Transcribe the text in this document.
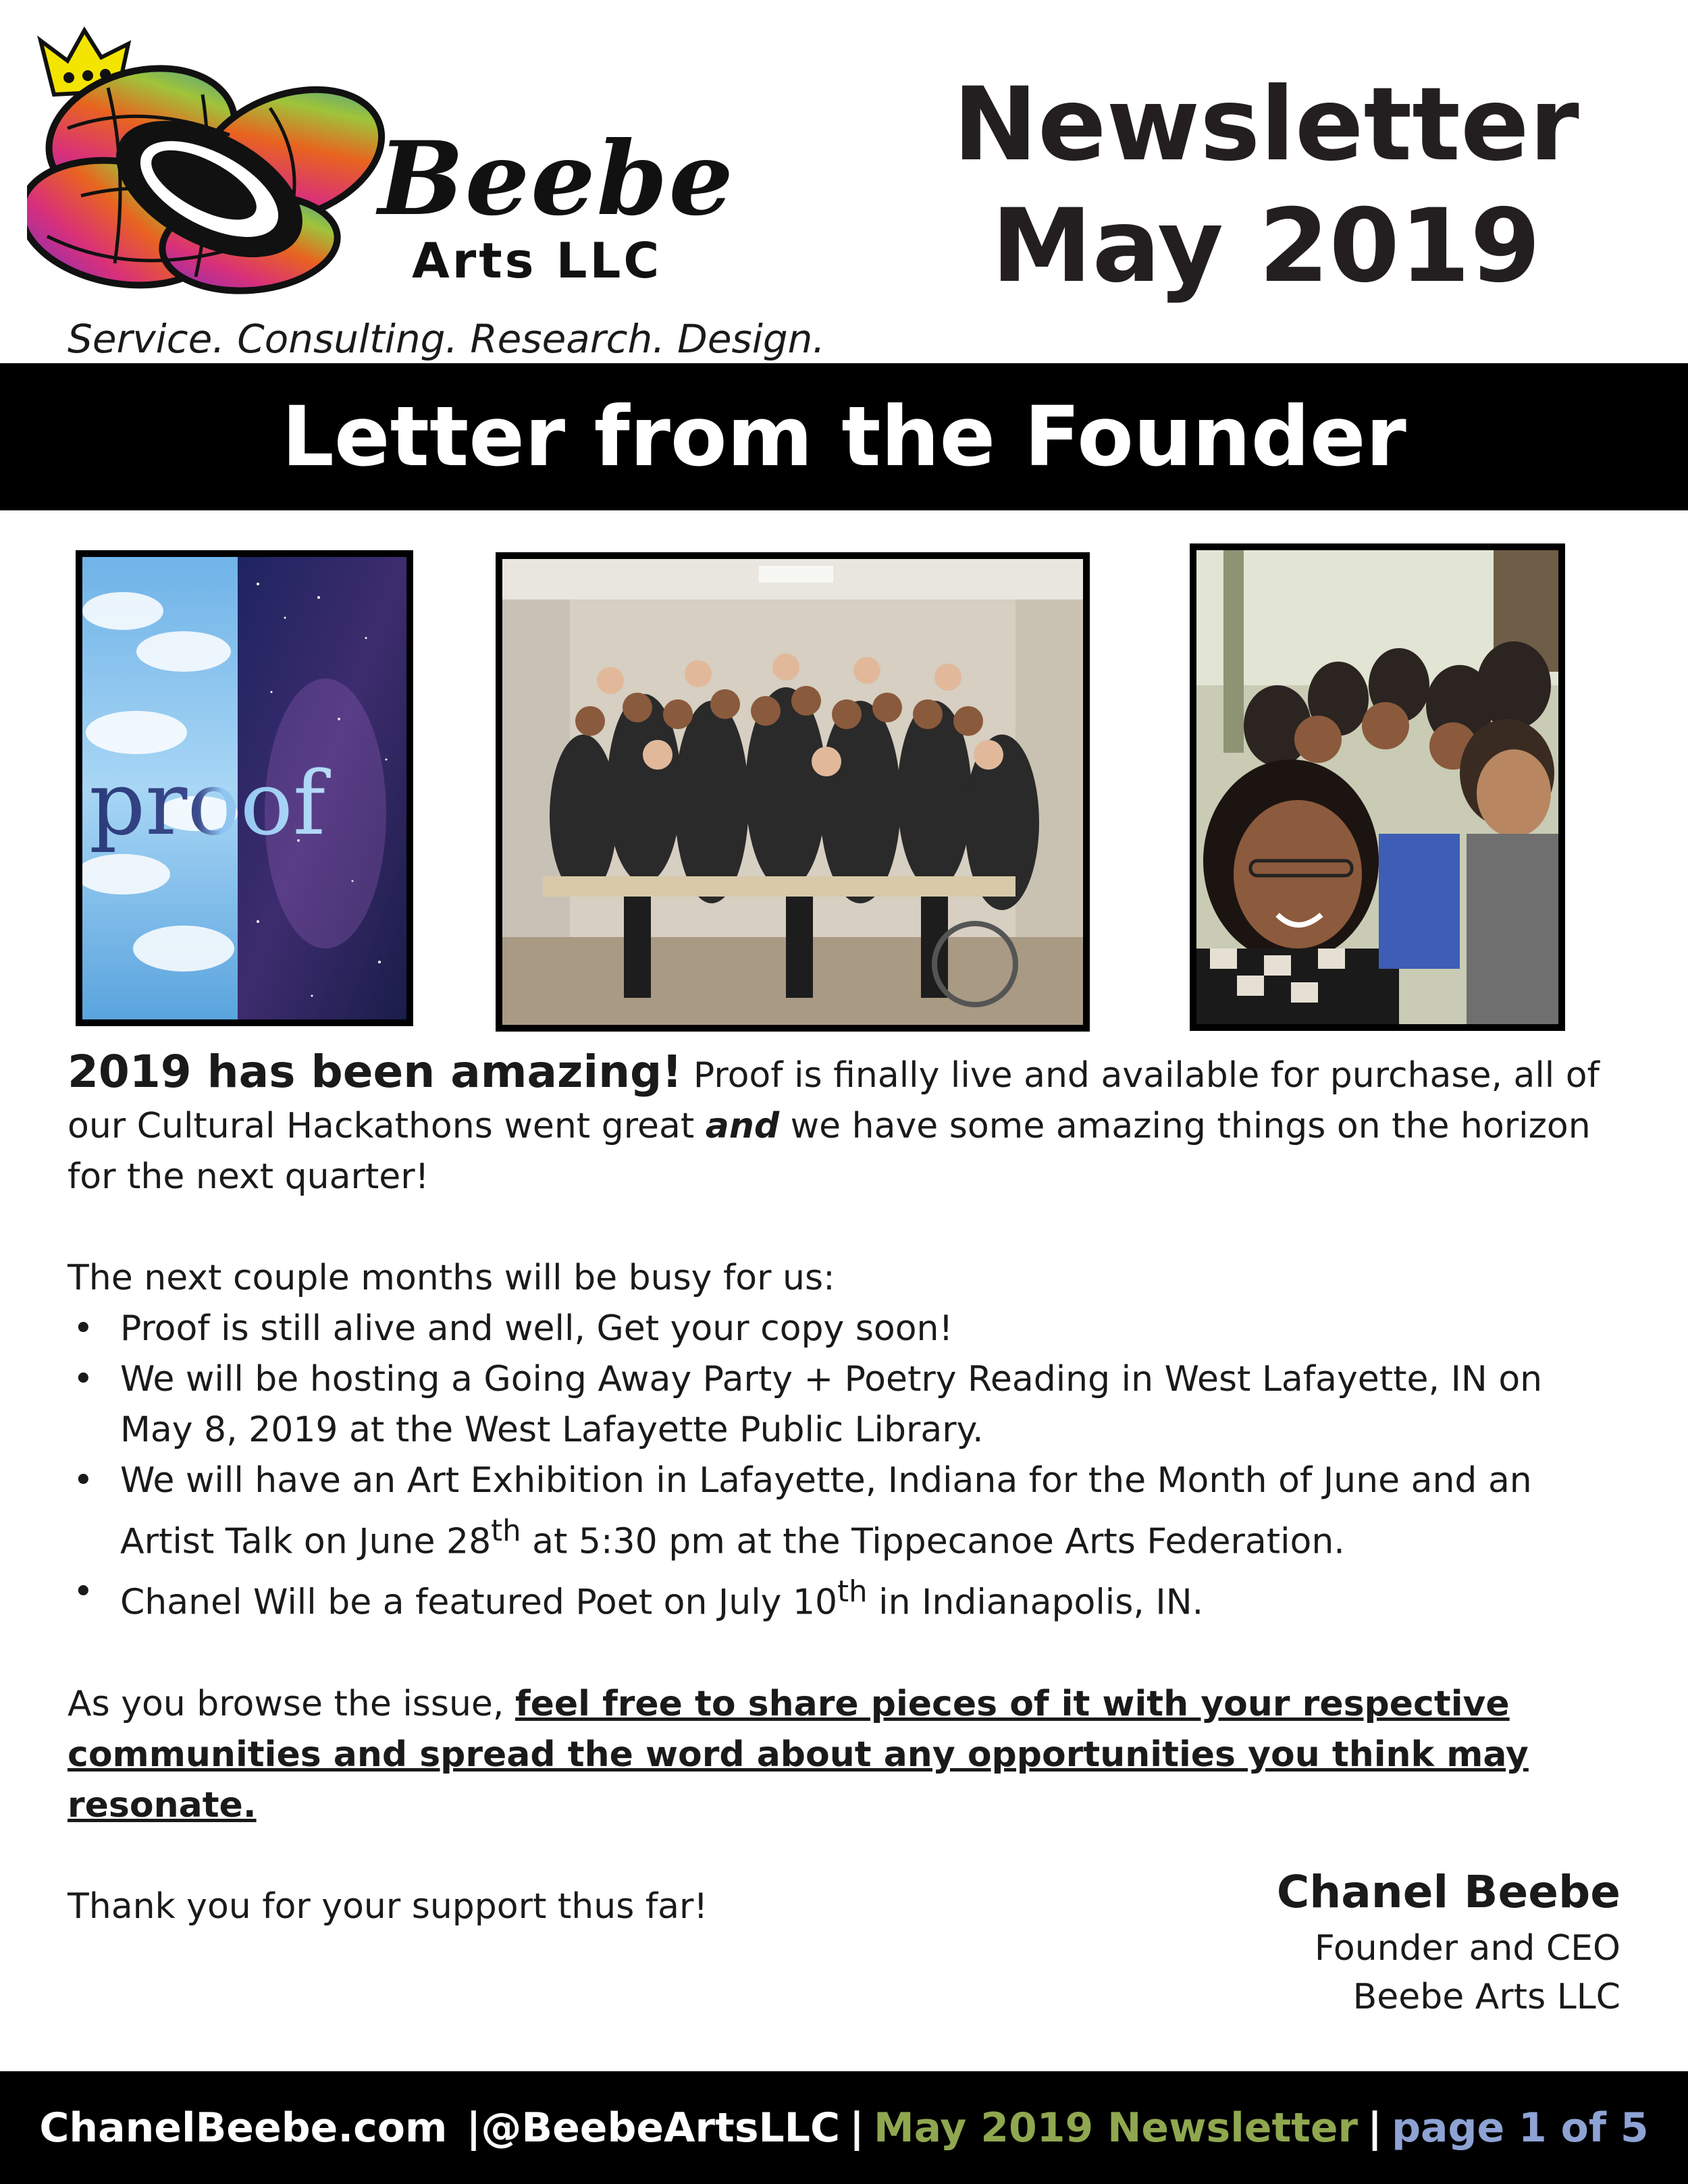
Beebe
Arts LLC
Newsletter
May 2019
Service. Consulting. Research. Design.
Letter from the Founder
proof

2019 has been amazing! Proof is finally live and available for purchase, all of our Cultural Hackathons went great and we have some amazing things on the horizon for the next quarter!

The next couple months will be busy for us:

• Proof is still alive and well, Get your copy soon!
• We will be hosting a Going Away Party + Poetry Reading in West Lafayette, IN on May 8, 2019 at the West Lafayette Public Library.
• We will have an Art Exhibition in Lafayette, Indiana for the Month of June and an Artist Talk on June 28th at 5:30 pm at the Tippecanoe Arts Federation.
• Chanel Will be a featured Poet on July 10th in Indianapolis, IN.

As you browse the issue, feel free to share pieces of it with your respective communities and spread the word about any opportunities you think may resonate.

Thank you for your support thus far!	Chanel Beebe
Founder and CEO
Beebe Arts LLC
ChanelBeebe.com |@BeebeArtsLLC | May 2019 Newsletter | page 1 of 5
